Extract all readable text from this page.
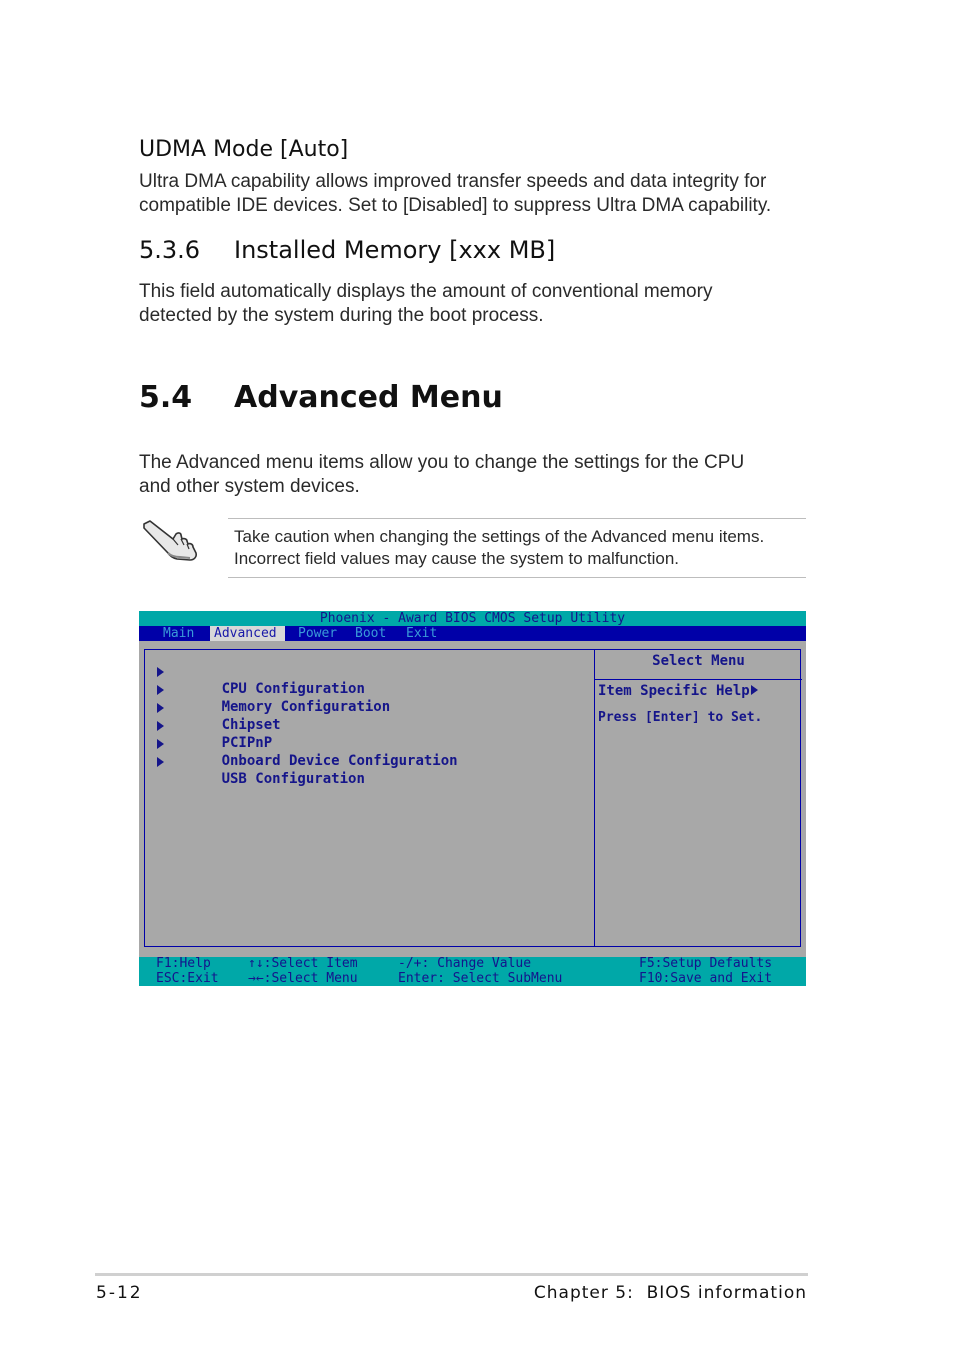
UDMA Mode [Auto]

Ultra DMA capability allows improved transfer speeds and data integrity for
compatible IDE devices. Set to [Disabled] to suppress Ultra DMA capability.

5.3.6 Installed Memory [xxx MB]

This field automatically displays the amount of conventional memory
detected by the system during the boot process.

5.4 Advanced Menu

The Advanced menu items allow you to change the settings for the CPU
and other system devices.

Take caution when changing the settings of the Advanced menu items.

Incorrect field values may cause the system to malfunction.

Phoenix - Award BIOS CMOS Setup Utility
Main	Advanced	Power Boot Exit

CPU Configuration

Memory Configuration

Chipset

PCIPnP

Onboard Device Configuration

USB Configuration

Select Menu
Item Specific Help
Press [Enter] to Set.
F1:Help
ESC:Exit
↑↓:Select Item
→←:Select Menu
-/+: Change Value
Enter: Select SubMenu
F5:Setup Defaults
F10:Save and Exit
5-12	Chapter 5:  BIOS information
